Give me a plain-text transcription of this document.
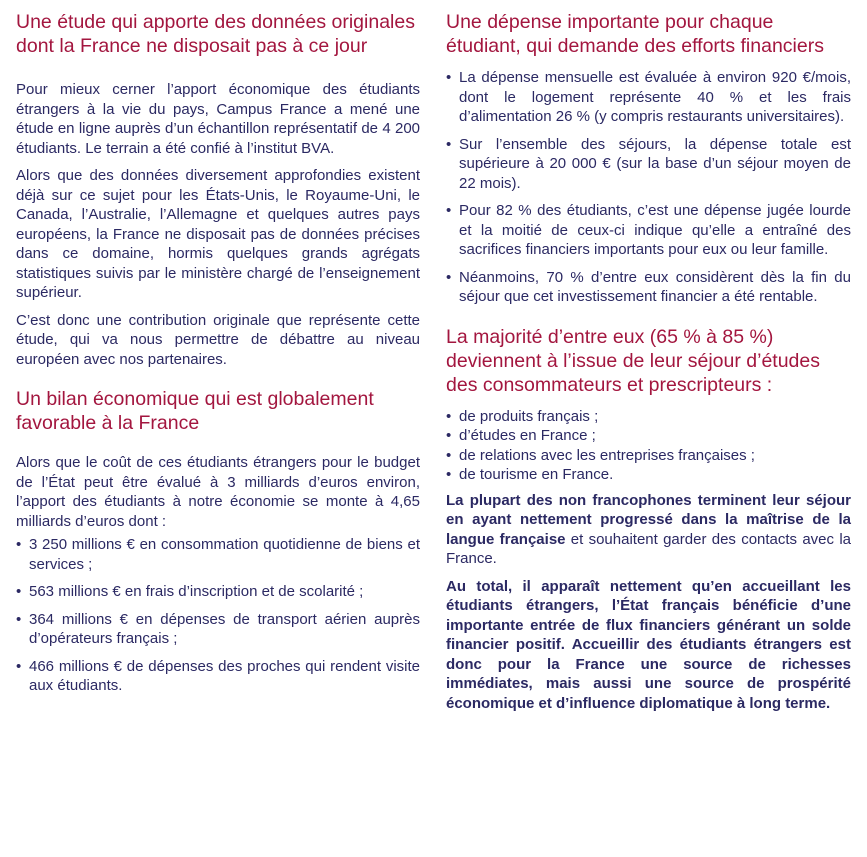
Une étude qui apporte des données originales dont la France ne disposait pas à ce jour

Pour mieux cerner l’apport économique des étudiants étrangers à la vie du pays, Campus France a mené une étude en ligne auprès d’un échantillon représentatif de 4 200 étudiants. Le terrain a été confié à l’institut BVA.

Alors que des données diversement approfondies existent déjà sur ce sujet pour les États-Unis, le Royaume-Uni, le Canada, l’Australie, l’Allemagne et quelques autres pays européens, la France ne disposait pas de données précises dans ce domaine, hormis quelques grands agrégats statistiques suivis par le ministère chargé de l’enseignement supérieur.

C’est donc une contribution originale que représente cette étude, qui va nous permettre de débattre au niveau européen avec nos partenaires.

Un bilan économique qui est globalement favorable à la France

Alors que le coût de ces étudiants étrangers pour le budget de l’État peut être évalué à 3 milliards d’euros environ, l’apport des étudiants à notre économie se monte à 4,65 milliards d’euros dont :

• 3 250 millions € en consommation quotidienne de biens et services ;
• 563 millions € en frais d’inscription et de scolarité ;
• 364 millions € en dépenses de transport aérien auprès d’opérateurs français ;
• 466 millions € de dépenses des proches qui rendent visite aux étudiants.
Une dépense importante pour chaque étudiant, qui demande des efforts financiers
• La dépense mensuelle est évaluée à environ 920 €/mois, dont le logement représente 40 % et les frais d’alimentation 26 % (y compris restaurants universitaires).
• Sur l’ensemble des séjours, la dépense totale est supérieure à 20 000 € (sur la base d’un séjour moyen de 22 mois).
• Pour 82 % des étudiants, c’est une dépense jugée lourde et la moitié de ceux-ci indique qu’elle a entraîné des sacrifices financiers importants pour eux ou leur famille.
• Néanmoins, 70 % d’entre eux considèrent dès la fin du séjour que cet investissement financier a été rentable.
La majorité d’entre eux (65 % à 85 %) deviennent à l’issue de leur séjour d’études des consommateurs et prescripteurs :
• de produits français ;
• d’études en France ;
• de relations avec les entreprises françaises ;
• de tourisme en France.

La plupart des non francophones terminent leur séjour en ayant nettement progressé dans la maîtrise de la langue française et souhaitent garder des contacts avec la France.

Au total, il apparaît nettement qu’en accueillant les étudiants étrangers, l’État français bénéficie d’une importante entrée de flux financiers générant un solde financier positif. Accueillir des étudiants étrangers est donc pour la France une source de richesses immédiates, mais aussi une source de prospérité économique et d’influence diplomatique à long terme.
